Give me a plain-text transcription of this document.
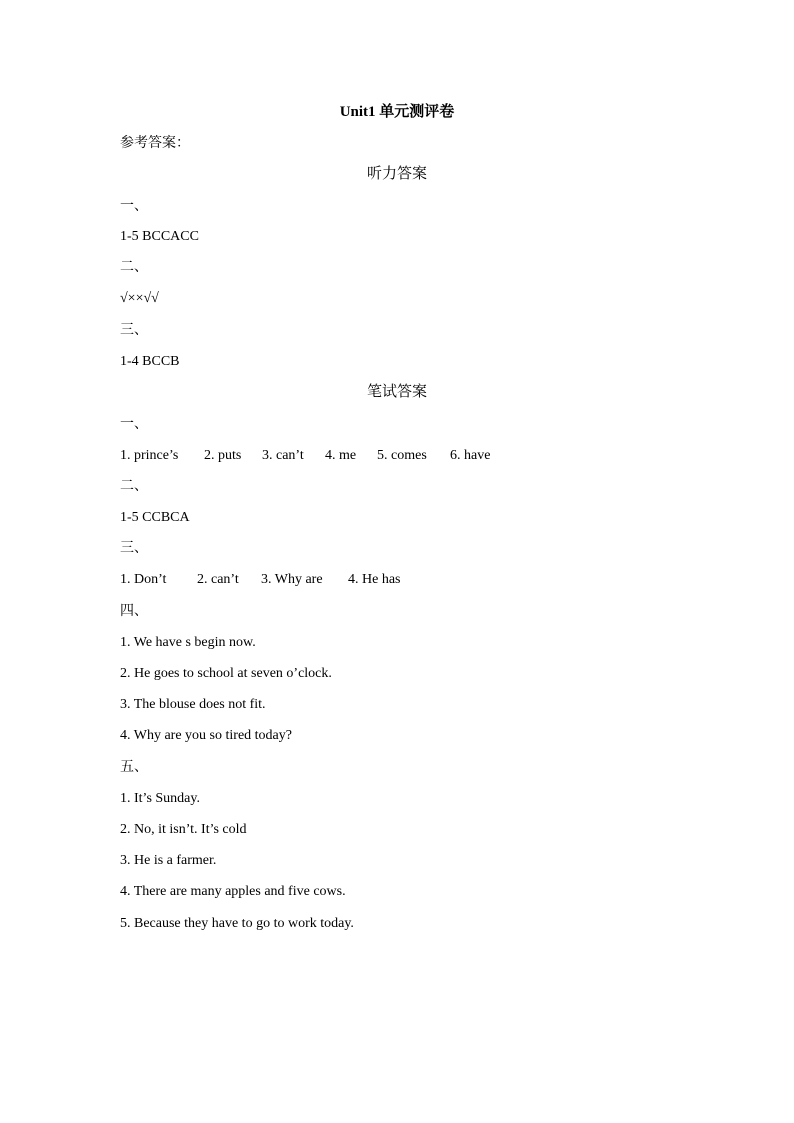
Unit1 单元测评卷
参考答案：
听力答案
一、
1-5 BCCACC
二、
√××√√
三、
1-4 BCCB
笔试答案
一、
1. prince’s 2. puts 3. can’t 4. me 5. comes 6. have
二、
1-5 CCBCA
三、
1. Don’t 2. can’t 3. Why are 4. He has
四、
1. We have s begin now.
2. He goes to school at seven o’clock.
3. The blouse does not fit.
4. Why are you so tired today?
五、
1. It’s Sunday.
2. No, it isn’t. It’s cold
3. He is a farmer.
4. There are many apples and five cows.
5. Because they have to go to work today.
